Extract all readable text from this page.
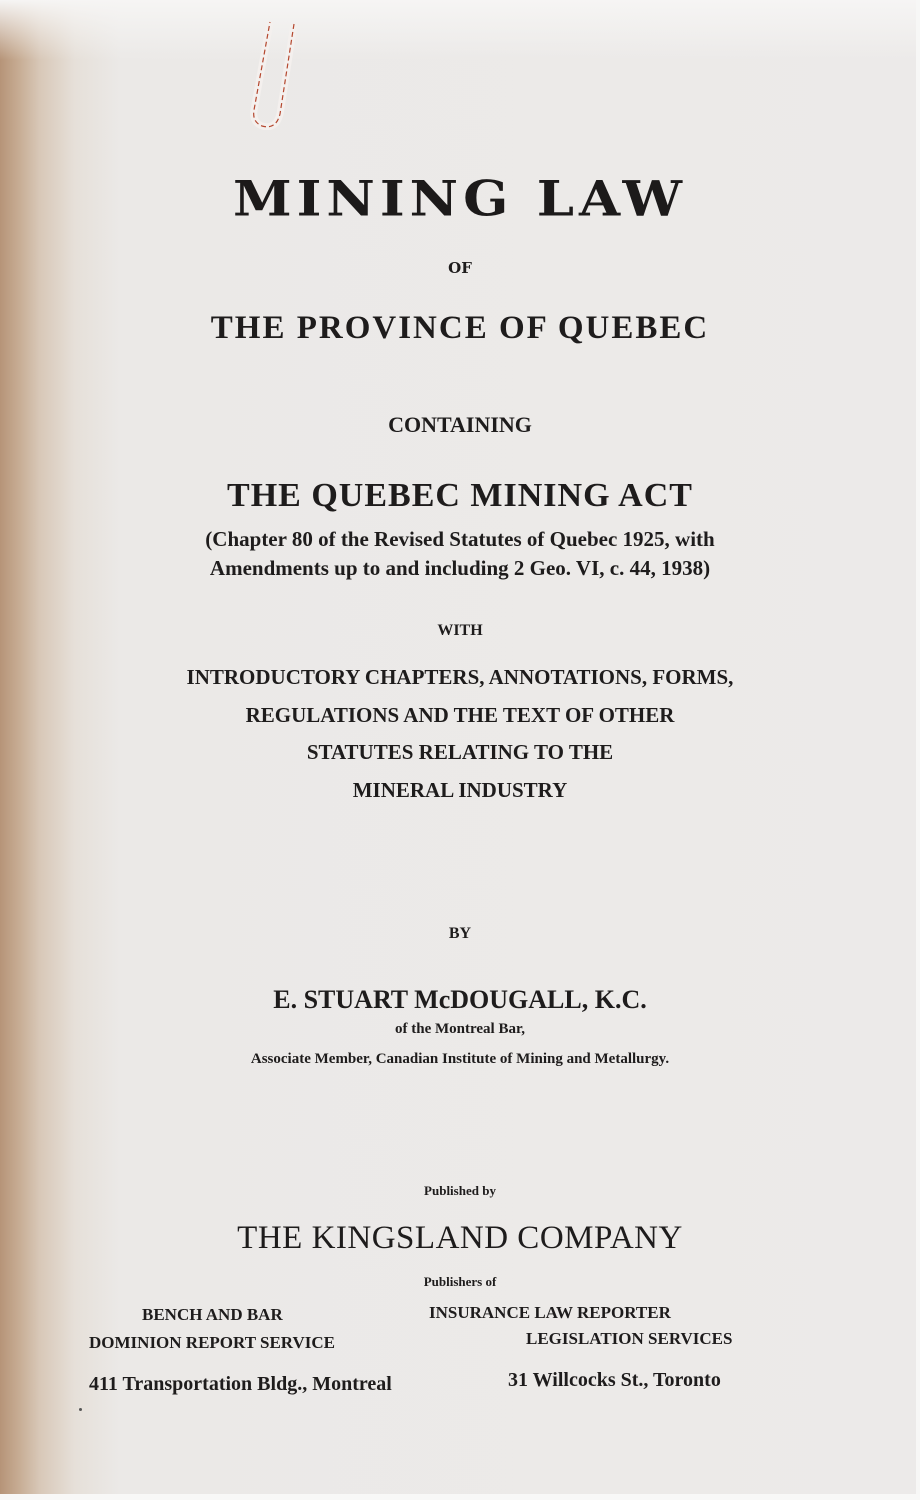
MINING LAW
OF
THE PROVINCE OF QUEBEC
CONTAINING
THE QUEBEC MINING ACT
(Chapter 80 of the Revised Statutes of Quebec 1925, with
Amendments up to and including 2 Geo. VI, c. 44, 1938)
WITH
INTRODUCTORY CHAPTERS, ANNOTATIONS, FORMS,
REGULATIONS AND THE TEXT OF OTHER
STATUTES RELATING TO THE
MINERAL INDUSTRY
BY
E. STUART McDOUGALL, K.C.
of the Montreal Bar,
Associate Member, Canadian Institute of Mining and Metallurgy.
Published by
THE KINGSLAND COMPANY
Publishers of
BENCH AND BAR	INSURANCE LAW REPORTER
DOMINION REPORT SERVICE	LEGISLATION SERVICES
411 Transportation Bldg., Montreal	31 Willcocks St., Toronto
